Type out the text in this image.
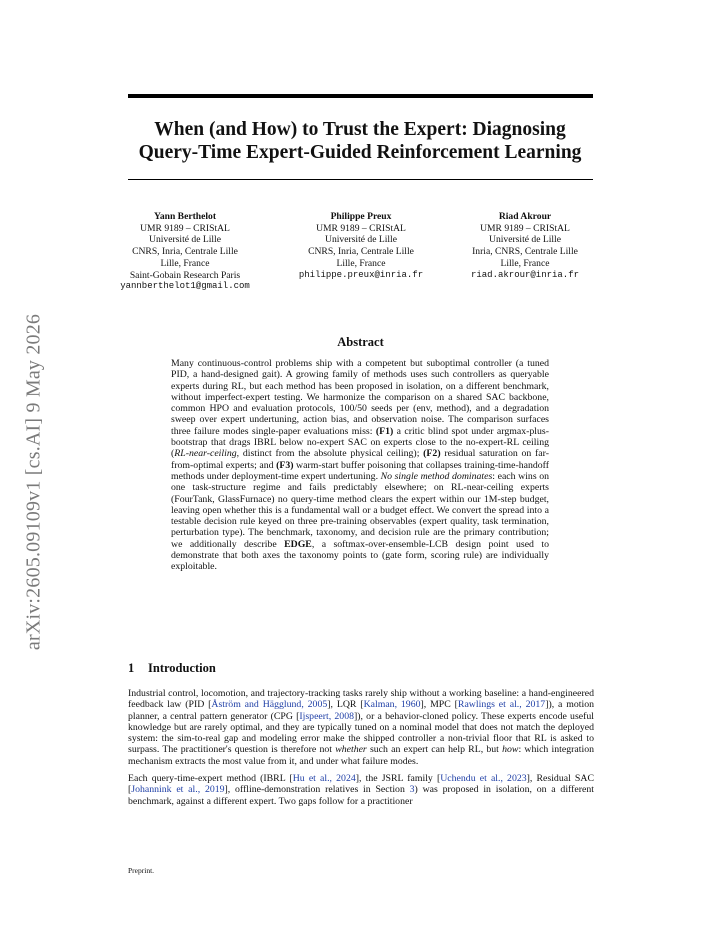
arXiv:2605.09109v1 [cs.AI] 9 May 2026
When (and How) to Trust the Expert: Diagnosing
Query-Time Expert-Guided Reinforcement Learning
Yann Berthelot
UMR 9189 – CRIStAL
Université de Lille
CNRS, Inria, Centrale Lille
Lille, France
Saint-Gobain Research Paris
yannberthelot1@gmail.com
Philippe Preux
UMR 9189 – CRIStAL
Université de Lille
CNRS, Inria, Centrale Lille
Lille, France
philippe.preux@inria.fr
Riad Akrour
UMR 9189 – CRIStAL
Université de Lille
Inria, CNRS, Centrale Lille
Lille, France
riad.akrour@inria.fr
Abstract

Many continuous-control problems ship with a competent but suboptimal controller (a tuned PID, a hand-designed gait). A growing family of methods uses such controllers as queryable experts during RL, but each method has been proposed in isolation, on a different benchmark, without imperfect-expert testing. We harmonize the comparison on a shared SAC backbone, common HPO and evaluation protocols, 100/50 seeds per (env, method), and a degradation sweep over expert undertuning, action bias, and observation noise. The comparison surfaces three failure modes single-paper evaluations miss: (F1) a critic blind spot under argmax-plus-bootstrap that drags IBRL below no-expert SAC on experts close to the no-expert-RL ceiling (RL-near-ceiling, distinct from the absolute physical ceiling); (F2) residual saturation on far-from-optimal experts; and (F3) warm-start buffer poisoning that collapses training-time-handoff methods under deployment-time expert undertuning. No single method dominates: each wins on one task-structure regime and fails predictably elsewhere; on RL-near-ceiling experts (FourTank, GlassFurnace) no query-time method clears the expert within our 1M-step budget, leaving open whether this is a fundamental wall or a budget effect. We convert the spread into a testable decision rule keyed on three pre-training observables (expert quality, task termination, perturbation type). The benchmark, taxonomy, and decision rule are the primary contribution; we additionally describe EDGE, a softmax-over-ensemble-LCB design point used to demonstrate that both axes the taxonomy points to (gate form, scoring rule) are individually exploitable.

1 Introduction

Industrial control, locomotion, and trajectory-tracking tasks rarely ship without a working baseline: a hand-engineered feedback law (PID [Åström and Hägglund, 2005], LQR [Kalman, 1960], MPC [Rawlings et al., 2017]), a motion planner, a central pattern generator (CPG [Ijspeert, 2008]), or a behavior-cloned policy. These experts encode useful knowledge but are rarely optimal, and they are typically tuned on a nominal model that does not match the deployed system: the sim-to-real gap and modeling error make the shipped controller a non-trivial floor that RL is asked to surpass. The practitioner's question is therefore not whether such an expert can help RL, but how: which integration mechanism extracts the most value from it, and under what failure modes.

Each query-time-expert method (IBRL [Hu et al., 2024], the JSRL family [Uchendu et al., 2023], Residual SAC [Johannink et al., 2019], offline-demonstration relatives in Section 3) was proposed in isolation, on a different benchmark, against a different expert. Two gaps follow for a practitioner

Preprint.
